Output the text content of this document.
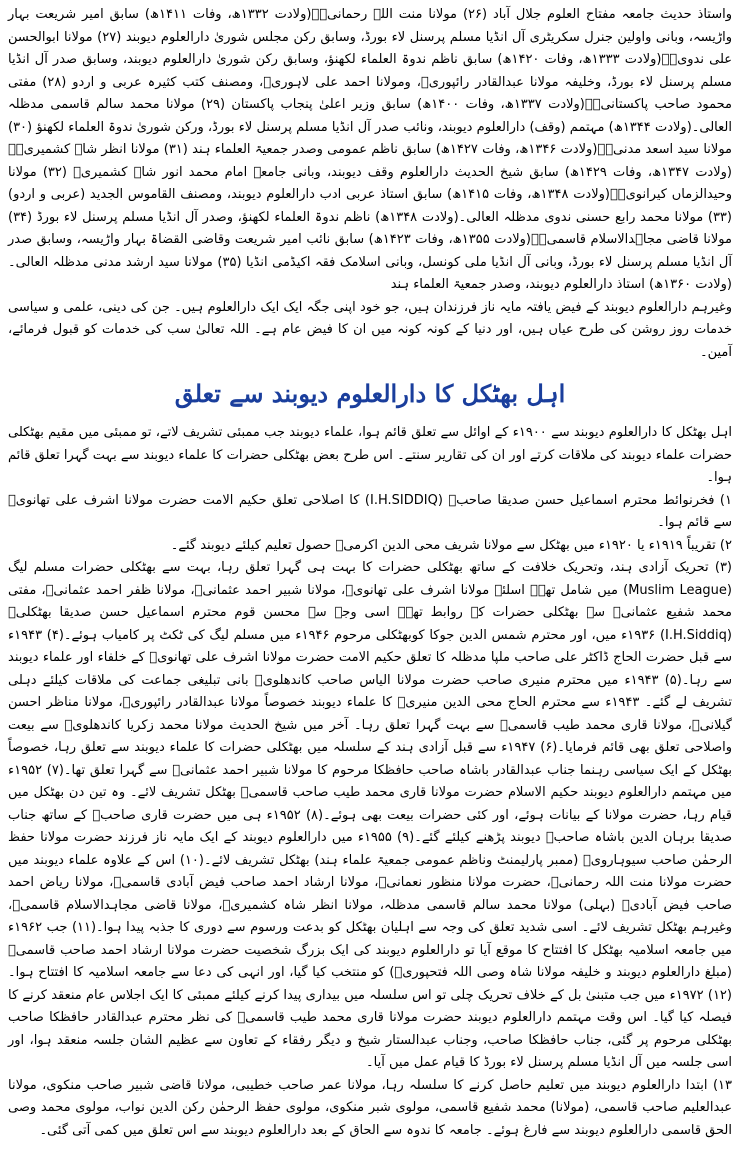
واستاذ حدیث جامعہ مفتاح العلوم جلال آباد (۲۶) مولانا منت اللہ رحمانیؒ۔(ولادت ۱۳۳۲ھ، وفات ۱۴۱۱ھ) سابق امیر شریعت بہار واڑیسہ، وبانی واولین جنرل سکریٹری آل انڈیا مسلم پرسنل لاء بورڈ، وسابق رکن مجلس شوریٰ دارالعلوم دیوبند (۲۷) مولانا ابوالحسن علی ندویؒ۔(ولادت ۱۳۳۳ھ، وفات ۱۴۲۰ھ) سابق ناظم ندوۃ العلماء لکھنؤ، وسابق رکن شوریٰ دارالعلوم دیوبند، وسابق صدر آل انڈیا مسلم پرسنل لاء بورڈ، وخلیفہ مولانا عبدالقادر رائپوریؒ، ومولانا احمد علی لاہوریؒ، ومصنف کتب کثیرہ عربی و اردو (۲۸) مفتی محمود صاحب پاکستانیؒ۔(ولادت ۱۳۳۷ھ، وفات ۱۴۰۰ھ) سابق وزیر اعلیٰ پنجاب پاکستان (۲۹) مولانا محمد سالم قاسمی مدظلہ العالی۔(ولادت ۱۳۴۴ھ) مہتمم (وقف) دارالعلوم دیوبند، ونائب صدر آل انڈیا مسلم پرسنل لاء بورڈ، ورکن شوریٰ ندوۃ العلماء لکھنؤ (۳۰) مولانا سید اسعد مدنیؒ۔(ولادت ۱۳۴۶ھ، وفات ۱۴۲۷ھ) سابق ناظم عمومی وصدر جمعیۃ العلماء ہند (۳۱) مولانا انظر شاہ کشمیریؒ۔(ولادت ۱۳۴۷ھ، وفات ۱۴۲۹ھ) سابق شیخ الحدیث دارالعلوم وقف دیوبند، وبانی جامعہ امام محمد انور شاہ کشمیریؒ (۳۲) مولانا وحیدالزماں کیرانویؒ۔(ولادت ۱۳۴۸ھ، وفات ۱۴۱۵ھ) سابق استاذ عربی ادب دارالعلوم دیوبند، ومصنف القاموس الجدید (عربی و اردو) (۳۳) مولانا محمد رابع حسنی ندوی مدظلہ العالی۔(ولادت ۱۳۴۸ھ) ناظم ندوۃ العلماء لکھنؤ، وصدر آل انڈیا مسلم پرسنل لاء بورڈ (۳۴) مولانا قاضی مجاہدالاسلام قاسمیؒ۔(ولادت ۱۳۵۵ھ، وفات ۱۴۲۳ھ) سابق نائب امیر شریعت وقاضی القضاۃ بہار واڑیسہ، وسابق صدر آل انڈیا مسلم پرسنل لاء بورڈ، وبانی آل انڈیا ملی کونسل، وبانی اسلامک فقہ اکیڈمی انڈیا (۳۵) مولانا سید ارشد مدنی مدظلہ العالی۔(ولادت ۱۳۶۰ھ) استاذ دارالعلوم دیوبند، وصدر جمعیۃ العلماء ہند

وغیرہم دارالعلوم دیوبند کے فیض یافتہ مایہ ناز فرزندان ہیں، جو خود اپنی جگہ ایک ایک دارالعلوم ہیں۔ جن کی دینی، علمی و سیاسی خدمات روز روشن کی طرح عیاں ہیں، اور دنیا کے کونہ کونہ میں ان کا فیض عام ہے۔ اللہ تعالیٰ سب کی خدمات کو قبول فرمائے، آمین۔

اہل بھٹکل کا دارالعلوم دیوبند سے تعلق

اہل بھٹکل کا دارالعلوم دیوبند سے ۱۹۰۰ء کے اوائل سے تعلق قائم ہوا، علماء دیوبند جب ممبئی تشریف لاتے، تو ممبئی میں مقیم بھٹکلی حضرات علماء دیوبند کی ملاقات کرتے اور ان کی تقاریر سنتے۔ اس طرح بعض بھٹکلی حضرات کا علماء دیوبند سے بہت گہرا تعلق قائم ہوا۔

۱) فخرنوائط محترم اسماعیل حسن صدیقا صاحبؒ (I.H.SIDDIQ) کا اصلاحی تعلق حکیم الامت حضرت مولانا اشرف علی تھانویؒ سے قائم ہوا۔

۲) تقریباً ۱۹۱۹ء یا ۱۹۲۰ء میں بھٹکل سے مولانا شریف محی الدین اکرمیؒ حصول تعلیم کیلئے دیوبند گئے۔

(۳) تحریک آزادی ہند، وتحریک خلافت کے ساتھ بھٹکلی حضرات کا بہت ہی گہرا تعلق رہا، بہت سے بھٹکلی حضرات مسلم لیگ (Muslim League) میں شامل تھے۔ اسلئے مولانا اشرف علی تھانویؒ، مولانا شبیر احمد عثمانیؒ، مولانا ظفر احمد عثمانیؒ، مفتی محمد شفیع عثمانیؒ سے بھٹکلی حضرات کے روابط تھے۔ اسی وجہ سے محسن قوم محترم اسماعیل حسن صدیقا بھٹکلیؒ (I.H.Siddiq) ۱۹۳۶ء میں، اور محترم شمس الدین جوکا کوبھٹکلی مرحوم ۱۹۴۶ء میں مسلم لیگ کی ٹکٹ پر کامیاب ہوئے۔(۴) ۱۹۴۳ء سے قبل حضرت الحاج ڈاکٹر علی صاحب ملپا مدظلہ کا تعلق حکیم الامت حضرت مولانا اشرف علی تھانویؒ کے خلفاء اور علماء دیوبند سے رہا۔(۵) ۱۹۴۳ء میں محترم منیری صاحب حضرت مولانا الیاس صاحب کاندھلویؒ بانی تبلیغی جماعت کی ملاقات کیلئے دہلی تشریف لے گئے۔ ۱۹۴۳ء سے محترم الحاج محی الدین منیریؒ کا علماء دیوبند خصوصاً مولانا عبدالقادر رائپوریؒ، مولانا مناظر احسن گیلانیؒ، مولانا قاری محمد طیب قاسمیؒ سے بہت گہرا تعلق رہا۔ آخر میں شیخ الحدیث مولانا محمد زکریا کاندھلویؒ سے بیعت واصلاحی تعلق بھی قائم فرمایا۔(۶) ۱۹۴۷ء سے قبل آزادی ہند کے سلسلہ میں بھٹکلی حضرات کا علماء دیوبند سے تعلق رہا، خصوصاً بھٹکل کے ایک سیاسی رہنما جناب عبدالقادر باشاہ صاحب حافظکا مرحوم کا مولانا شبیر احمد عثمانیؒ سے گہرا تعلق تھا۔(۷) ۱۹۵۲ء میں مہتمم دارالعلوم دیوبند حکیم الاسلام حضرت مولانا قاری محمد طیب صاحب قاسمیؒ بھٹکل تشریف لائے۔ وہ تین دن بھٹکل میں قیام رہا، حضرت مولانا کے بیانات ہوئے، اور کئی حضرات بیعت بھی ہوئے۔(۸) ۱۹۵۲ء ہی میں حضرت قاری صاحبؒ کے ساتھ جناب صدیقا برہان الدین باشاہ صاحبؒ دیوبند پڑھنے کیلئے گئے۔(۹) ۱۹۵۵ء میں دارالعلوم دیوبند کے ایک مایہ ناز فرزند حضرت مولانا حفظ الرحمٰن صاحب سیوہارویؒ (ممبر پارلیمنٹ وناظم عمومی جمعیۃ علماء ہند) بھٹکل تشریف لائے۔(۱۰) اس کے علاوہ علماء دیوبند میں حضرت مولانا منت اللہ رحمانیؒ، حضرت مولانا منظور نعمانیؒ، مولانا ارشاد احمد صاحب فیض آبادی قاسمیؒ، مولانا ریاض احمد صاحب فیض آبادیؒ (بہلی) مولانا محمد سالم قاسمی مدظلہ، مولانا انظر شاہ کشمیریؒ، مولانا قاضی مجاہدالاسلام قاسمیؒ، وغیرہم بھٹکل تشریف لائے۔ اسی شدید تعلق کی وجہ سے اہلیان بھٹکل کو بدعت ورسوم سے دوری کا جذبہ پیدا ہوا۔(۱۱) جب ۱۹۶۲ء میں جامعہ اسلامیہ بھٹکل کا افتتاح کا موقع آیا تو دارالعلوم دیوبند کی ایک بزرگ شخصیت حضرت مولانا ارشاد احمد صاحب قاسمیؒ (مبلغ دارالعلوم دیوبند و خلیفہ مولانا شاہ وصی اللہ فتحپوریؒ) کو منتخب کیا گیا، اور انہی کی دعا سے جامعہ اسلامیہ کا افتتاح ہوا۔(۱۲) ۱۹۷۲ء میں جب متبنیٰ بل کے خلاف تحریک چلی تو اس سلسلہ میں بیداری پیدا کرنے کیلئے ممبئی کا ایک اجلاس عام منعقد کرنے کا فیصلہ کیا گیا۔ اس وقت مہتمم دارالعلوم دیوبند حضرت مولانا قاری محمد طیب قاسمیؒ کی نظر محترم عبدالقادر حافظکا صاحب بھٹکلی مرحوم پر گئی، جناب حافظکا صاحب، وجناب عبدالستار شیخ و دیگر رفقاء کے تعاون سے عظیم الشان جلسہ منعقد ہوا، اور اسی جلسہ میں آل انڈیا مسلم پرسنل لاء بورڈ کا قیام عمل میں آیا۔

۱۳) ابتدا دارالعلوم دیوبند میں تعلیم حاصل کرنے کا سلسلہ رہا، مولانا عمر صاحب خطیبی، مولانا قاضی شبیر صاحب منکوی، مولانا عبدالعلیم صاحب قاسمی، (مولانا) محمد شفیع قاسمی، مولوی شبر منکوی، مولوی حفظ الرحمٰن رکن الدین نواب، مولوی محمد وصی الحق قاسمی دارالعلوم دیوبند سے فارغ ہوئے۔ جامعہ کا ندوہ سے الحاق کے بعد دارالعلوم دیوبند سے اس تعلق میں کمی آتی گئی۔
